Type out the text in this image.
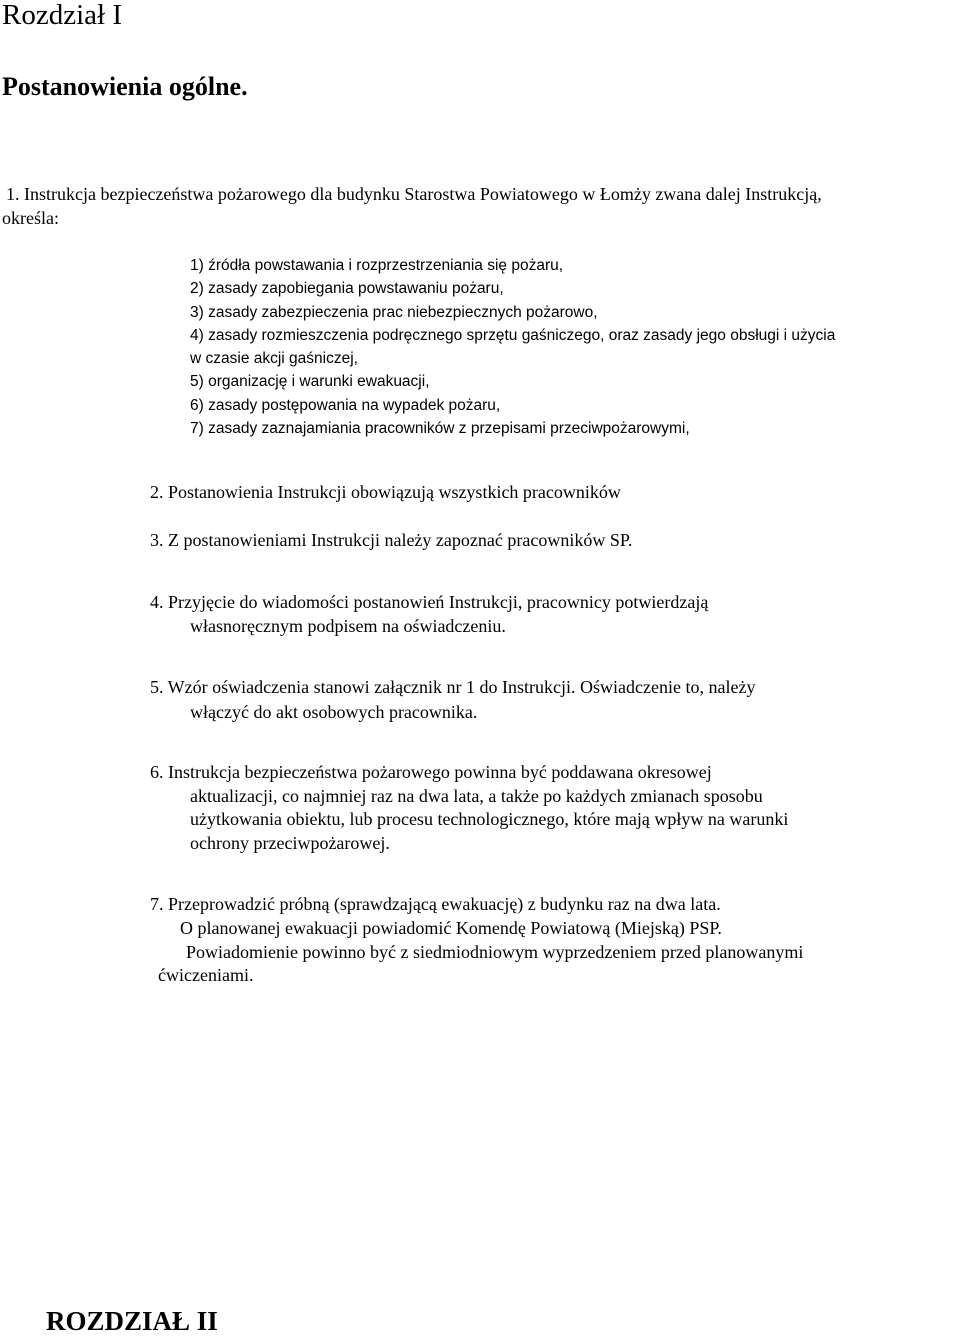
Rozdział I
Postanowienia ogólne.

1. Instrukcja bezpieczeństwa pożarowego dla budynku Starostwa Powiatowego w Łomży zwana dalej Instrukcją,

określa:

1) źródła powstawania i rozprzestrzeniania się pożaru,

2) zasady zapobiegania powstawaniu pożaru,

3) zasady zabezpieczenia prac niebezpiecznych pożarowo,

4) zasady rozmieszczenia podręcznego sprzętu gaśniczego, oraz zasady jego obsługi i użycia

w czasie akcji gaśniczej,

5) organizację i warunki ewakuacji,

6) zasady postępowania na wypadek pożaru,

7) zasady zaznajamiania pracowników z przepisami przeciwpożarowymi,

2. Postanowienia Instrukcji obowiązują wszystkich pracowników

3. Z postanowieniami Instrukcji należy zapoznać pracowników SP.

4. Przyjęcie do wiadomości postanowień Instrukcji, pracownicy potwierdzają

własnoręcznym podpisem na oświadczeniu.

5. Wzór oświadczenia stanowi załącznik nr 1 do Instrukcji. Oświadczenie to, należy

włączyć do akt osobowych pracownika.

6. Instrukcja bezpieczeństwa pożarowego powinna być poddawana okresowej

aktualizacji, co najmniej raz na dwa lata, a także po każdych zmianach sposobu

użytkowania obiektu, lub procesu technologicznego, które mają wpływ na warunki

ochrony przeciwpożarowej.

7. Przeprowadzić próbną (sprawdzającą ewakuację) z budynku raz na dwa lata.

O planowanej ewakuacji powiadomić Komendę Powiatową (Miejską) PSP.

Powiadomienie powinno być z siedmiodniowym wyprzedzeniem przed planowanymi

ćwiczeniami.

ROZDZIAŁ II
